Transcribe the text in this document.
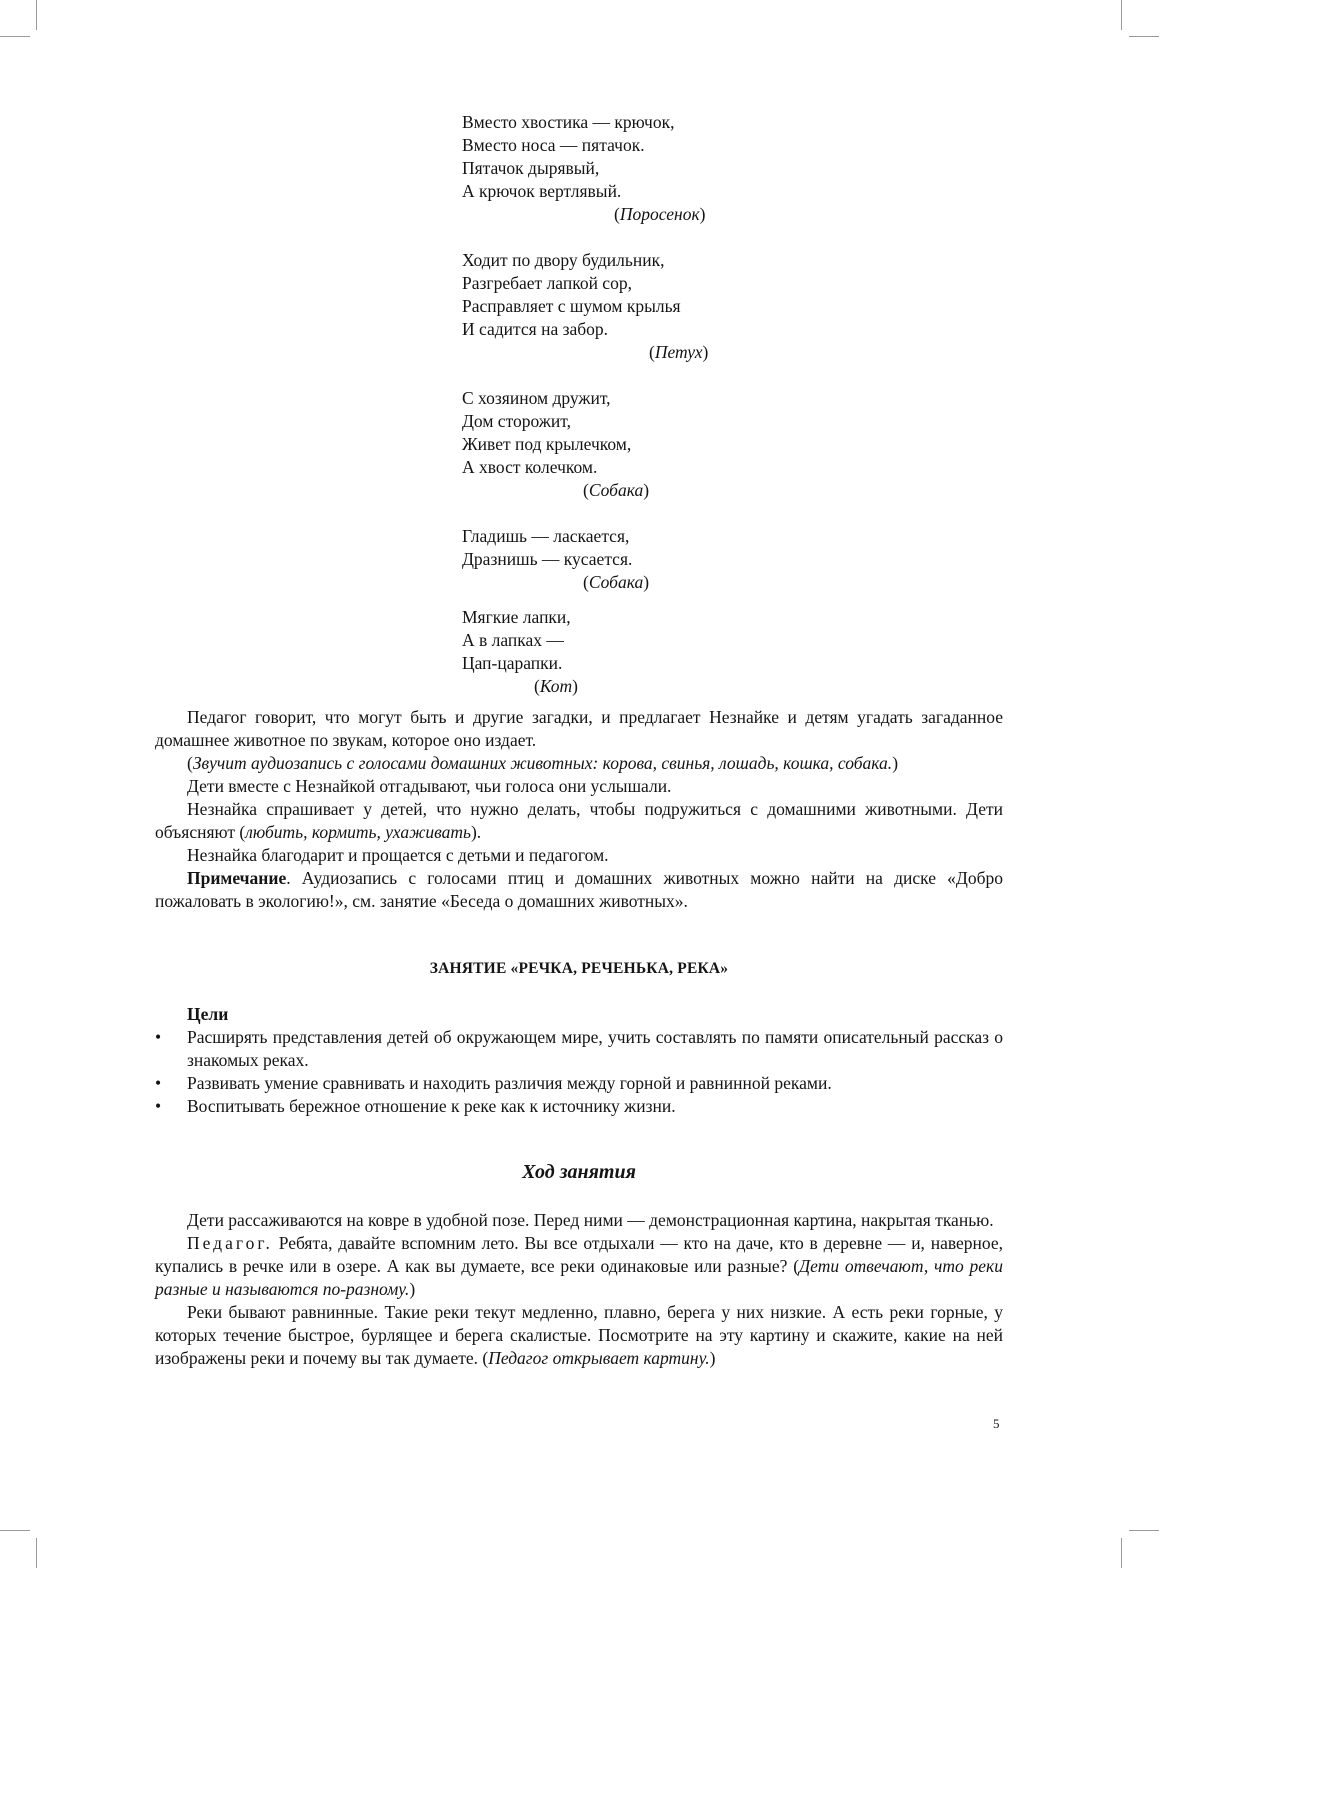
Вместо хвостика — крючок,
Вместо носа — пятачок.
Пятачок дырявый,
А крючок вертлявый.
(Поросенок)
Ходит по двору будильник,
Разгребает лапкой сор,
Расправляет с шумом крылья
И садится на забор.
(Петух)
С хозяином дружит,
Дом сторожит,
Живет под крылечком,
А хвост колечком.
(Собака)
Гладишь — ласкается,
Дразнишь — кусается.
(Собака)
Мягкие лапки,
А в лапках —
Цап-царапки.
(Кот)

Педагог говорит, что могут быть и другие загадки, и предлагает Незнайке и детям угадать загаданное домашнее животное по звукам, которое оно издает.

(Звучит аудиозапись с голосами домашних животных: корова, свинья, лошадь, кошка, собака.)

Дети вместе с Незнайкой отгадывают, чьи голоса они услышали.

Незнайка спрашивает у детей, что нужно делать, чтобы подружиться с домашними животными. Дети объясняют (любить, кормить, ухаживать).

Незнайка благодарит и прощается с детьми и педагогом.

Примечание. Аудиозапись с голосами птиц и домашних животных можно найти на диске «Добро пожаловать в экологию!», см. занятие «Беседа о домашних животных».

ЗАНЯТИЕ «РЕЧКА, РЕЧЕНЬКА, РЕКА»

Цели

• Расширять представления детей об окружающем мире, учить составлять по памяти описательный рассказ о знакомых реках.

• Развивать умение сравнивать и находить различия между горной и равнинной реками.

• Воспитывать бережное отношение к реке как к источнику жизни.

Ход занятия

Дети рассаживаются на ковре в удобной позе. Перед ними — демонстрационная картина, накрытая тканью.

Педагог. Ребята, давайте вспомним лето. Вы все отдыхали — кто на даче, кто в деревне — и, наверное, купались в речке или в озере. А как вы думаете, все реки одинаковые или разные? (Дети отвечают, что реки разные и называются по-разному.)

Реки бывают равнинные. Такие реки текут медленно, плавно, берега у них низкие. А есть реки горные, у которых течение быстрое, бурлящее и берега скалистые. Посмотрите на эту картину и скажите, какие на ней изображены реки и почему вы так думаете. (Педагог открывает картину.)

5
